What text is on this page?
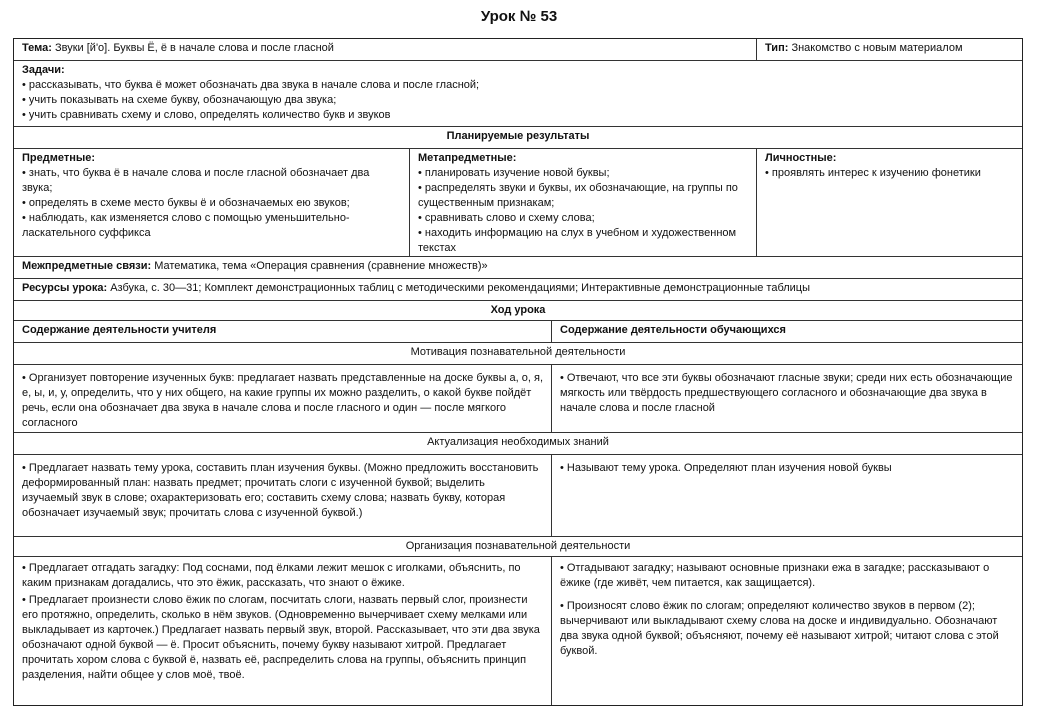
Урок № 53
Тема: Звуки [й'о]. Буквы Ё, ё в начале слова и после гласной	Тип: Знакомство с новым материалом
Задачи:
• рассказывать, что буква ё может обозначать два звука в начале слова и после гласной;
• учить показывать на схеме букву, обозначающую два звука;
• учить сравнивать схему и слово, определять количество букв и звуков
Планируемые результаты
Предметные:
• знать, что буква ё в начале слова и после гласной обозначает два звука;
• определять в схеме место буквы ё и обозначаемых ею звуков;
• наблюдать, как изменяется слово с помощью уменьшительно-ласкательного суффикса
Метапредметные:
• планировать изучение новой буквы;
• распределять звуки и буквы, их обозначающие, на группы по существенным признакам;
• сравнивать слово и схему слова;
• находить информацию на слух в учебном и художественном текстах
Личностные:
• проявлять интерес к изучению фонетики
Межпредметные связи: Математика, тема «Операция сравнения (сравнение множеств)»
Ресурсы урока: Азбука, с. 30—31; Комплект демонстрационных таблиц с методическими рекомендациями; Интерактивные демонстрационные таблицы
Ход урока
Содержание деятельности учителя	Содержание деятельности обучающихся
Мотивация познавательной деятельности
• Организует повторение изученных букв: предлагает назвать представленные на доске буквы а, о, я, е, ы, и, у, определить, что у них общего, на какие группы их можно разделить, о какой букве пойдёт речь, если она обозначает два звука в начале слова и после гласного и один — после мягкого согласного
• Отвечают, что все эти буквы обозначают гласные звуки; среди них есть обозначающие мягкость или твёрдость предшествующего согласного и обозначающие два звука в начале слова и после гласной
Актуализация необходимых знаний
• Предлагает назвать тему урока, составить план изучения буквы. (Можно предложить восстановить деформированный план: назвать предмет; прочитать слоги с изученной буквой; выделить изучаемый звук в слове; охарактеризовать его; составить схему слова; назвать букву, которая обозначает изучаемый звук; прочитать слова с изученной буквой.)
• Называют тему урока. Определяют план изучения новой буквы
Организация познавательной деятельности
• Предлагает отгадать загадку: Под соснами, под ёлками лежит мешок с иголками, объяснить, по каким признакам догадались, что это ёжик, рассказать, что знают о ёжике.
• Предлагает произнести слово ёжик по слогам, посчитать слоги, назвать первый слог, произнести его протяжно, определить, сколько в нём звуков. (Одновременно вычерчивает схему мелками или выкладывает из карточек.) Предлагает назвать первый звук, второй. Рассказывает, что эти два звука обозначают одной буквой — ё. Просит объяснить, почему букву называют хитрой. Предлагает прочитать хором слова с буквой ё, назвать её, распределить слова на группы, объяснить принцип разделения, найти общее у слов моё, твоё.
• Отгадывают загадку; называют основные признаки ежа в загадке; рассказывают о ёжике (где живёт, чем питается, как защищается).
• Произносят слово ёжик по слогам; определяют количество звуков в первом (2); вычерчивают или выкладывают схему слова на доске и индивидуально. Обозначают два звука одной буквой; объясняют, почему её называют хитрой; читают слова с этой буквой.
